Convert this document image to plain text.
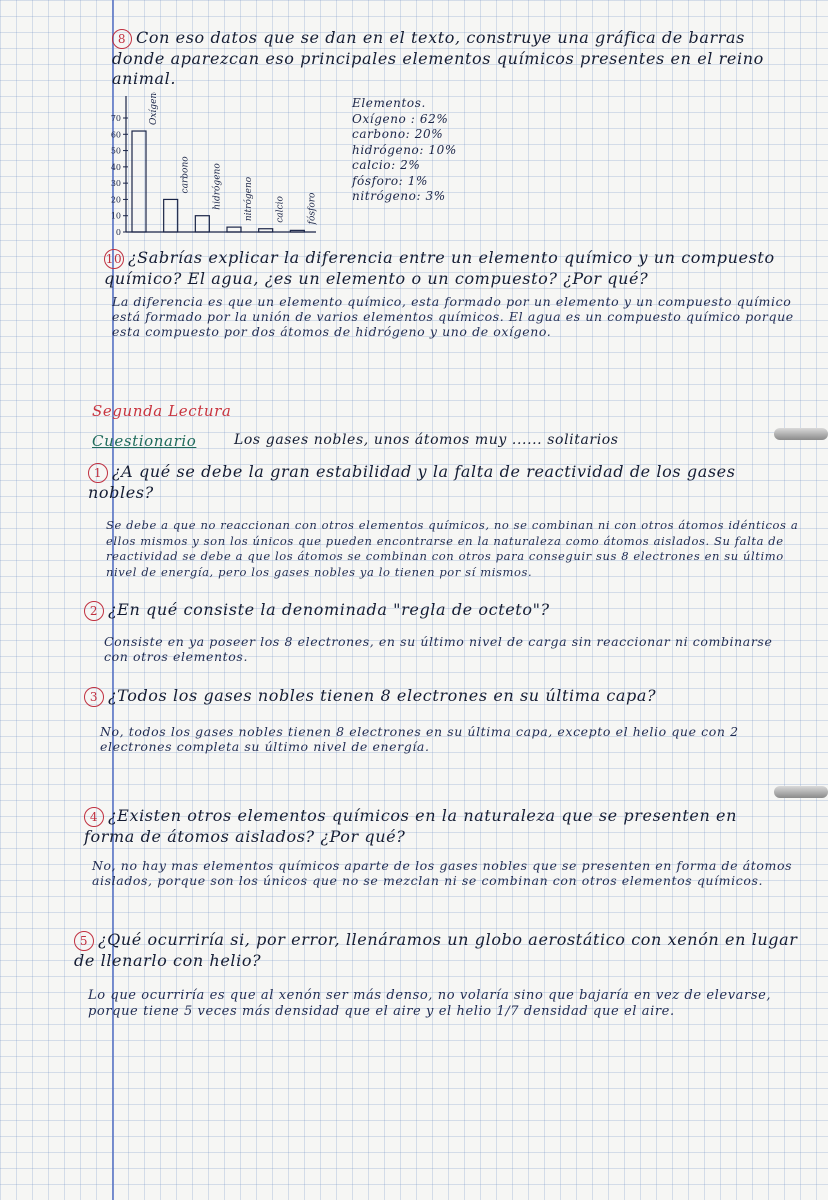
8 Con eso datos que se dan en el texto, construye una gráfica de barras donde aparezcan eso principales elementos químicos presentes en el reino animal.
70
60
50
40
30
20
10
0
Oxígeno
carbono hidrógeno nitrógeno calcio fósforo
Elementos.
Oxígeno : 62%
carbono: 20%
hidrógeno: 10%
calcio: 2%
fósforo: 1%
nitrógeno: 3%
10 ¿Sabrías explicar la diferencia entre un elemento químico y un compuesto químico? El agua, ¿es un elemento o un compuesto? ¿Por qué?
La diferencia es que un elemento químico, esta formado por un elemento y un compuesto químico está formado por la unión de varios elementos químicos. El agua es un compuesto químico porque esta compuesto por dos átomos de hidrógeno y uno de oxígeno.
Segunda Lectura
Cuestionario	Los gases nobles, unos átomos muy ...... solitarios
1 ¿A qué se debe la gran estabilidad y la falta de reactividad de los gases nobles?
Se debe a que no reaccionan con otros elementos químicos, no se combinan ni con otros átomos idénticos a ellos mismos y son los únicos que pueden encontrarse en la naturaleza como átomos aislados. Su falta de reactividad se debe a que los átomos se combinan con otros para conseguir sus 8 electrones en su último nivel de energía, pero los gases nobles ya lo tienen por sí mismos.
2 ¿En qué consiste la denominada "regla de octeto"?
Consiste en ya poseer los 8 electrones, en su último nivel de carga sin reaccionar ni combinarse con otros elementos.
3 ¿Todos los gases nobles tienen 8 electrones en su última capa?
No, todos los gases nobles tienen 8 electrones en su última capa, excepto el helio que con 2 electrones completa su último nivel de energía.
4 ¿Existen otros elementos químicos en la naturaleza que se presenten en forma de átomos aislados? ¿Por qué?
No, no hay mas elementos químicos aparte de los gases nobles que se presenten en forma de átomos aislados, porque son los únicos que no se mezclan ni se combinan con otros elementos químicos.
5 ¿Qué ocurriría si, por error, llenáramos un globo aerostático con xenón en lugar de llenarlo con helio?
Lo que ocurriría es que al xenón ser más denso, no volaría sino que bajaría en vez de elevarse, porque tiene 5 veces más densidad que el aire y el helio 1/7 densidad que el aire.
